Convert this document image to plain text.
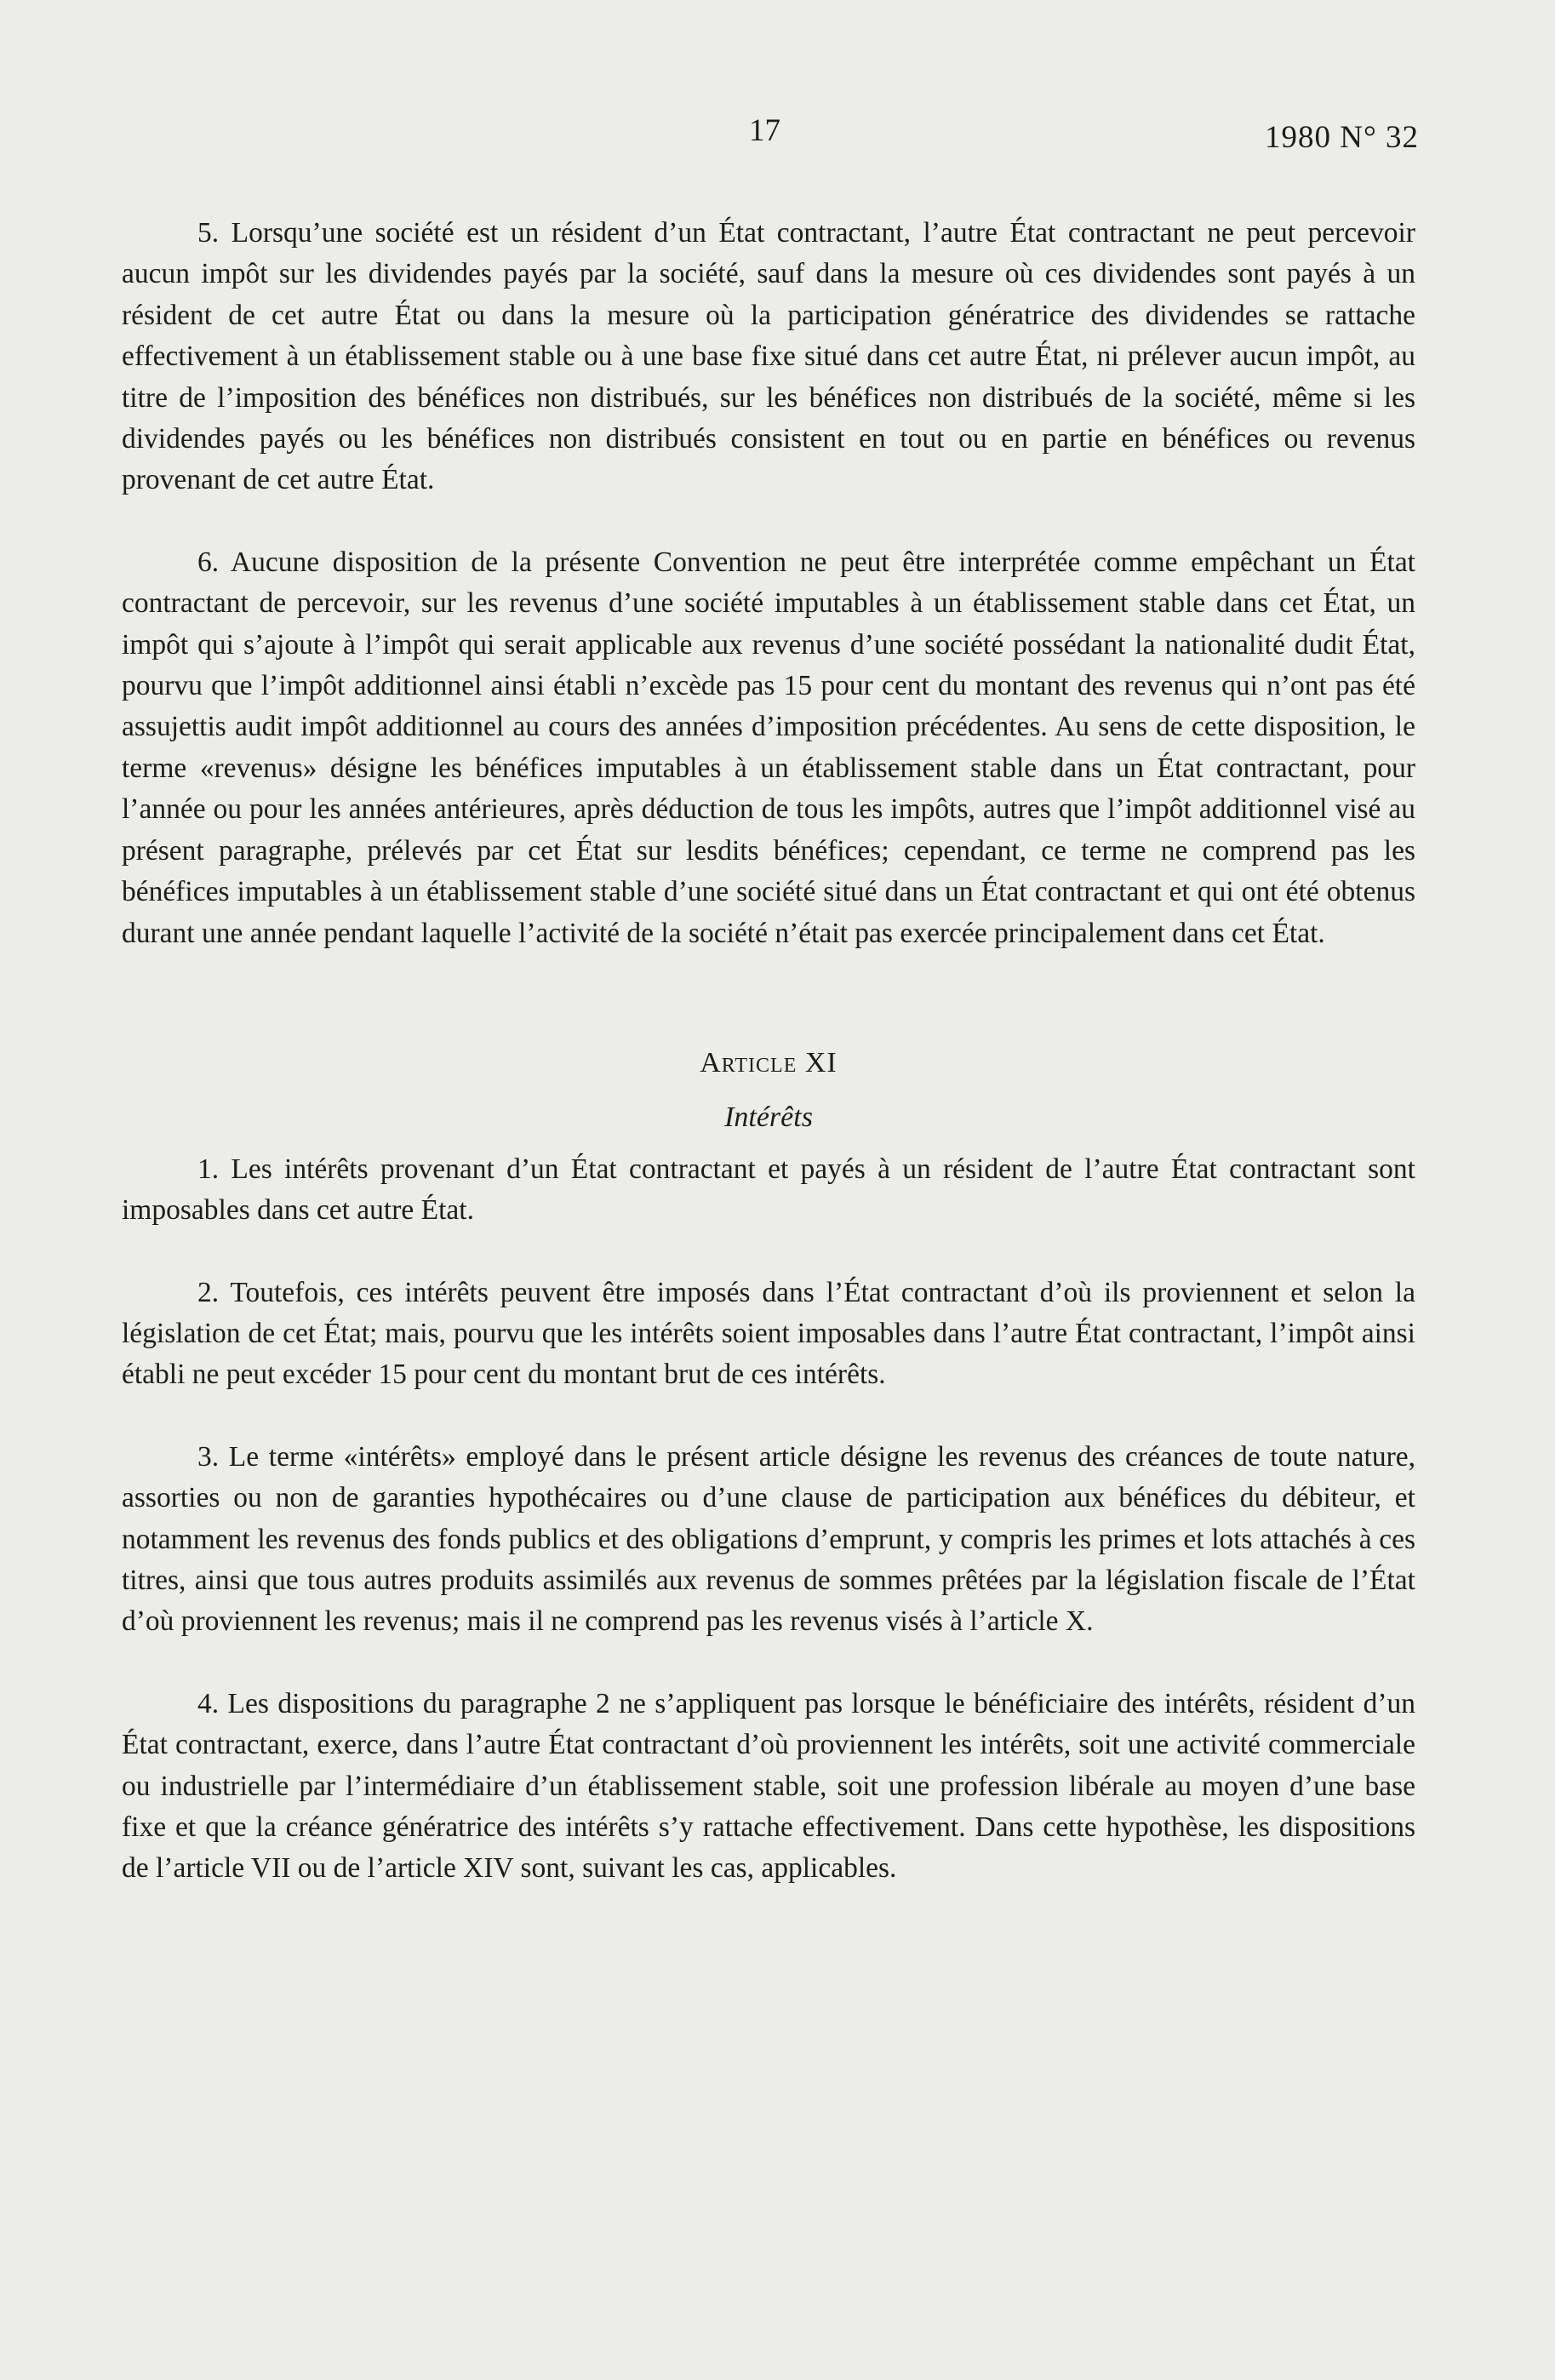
17	1980 N° 32

5. Lorsqu’une société est un résident d’un État contractant, l’autre État contractant ne peut percevoir aucun impôt sur les dividendes payés par la société, sauf dans la mesure où ces dividendes sont payés à un résident de cet autre État ou dans la mesure où la participation génératrice des dividendes se rattache effectivement à un établissement stable ou à une base fixe situé dans cet autre État, ni prélever aucun impôt, au titre de l’imposition des bénéfices non distribués, sur les bénéfices non distribués de la société, même si les dividendes payés ou les bénéfices non distribués consistent en tout ou en partie en bénéfices ou revenus provenant de cet autre État.

6. Aucune disposition de la présente Convention ne peut être interprétée comme empêchant un État contractant de percevoir, sur les revenus d’une société imputables à un établissement stable dans cet État, un impôt qui s’ajoute à l’impôt qui serait applicable aux revenus d’une société possédant la nationalité dudit État, pourvu que l’impôt additionnel ainsi établi n’excède pas 15 pour cent du montant des revenus qui n’ont pas été assujettis audit impôt additionnel au cours des années d’imposition précédentes. Au sens de cette disposition, le terme «revenus» désigne les bénéfices imputables à un établissement stable dans un État contractant, pour l’année ou pour les années antérieures, après déduction de tous les impôts, autres que l’impôt additionnel visé au présent paragraphe, prélevés par cet État sur lesdits bénéfices; cependant, ce terme ne comprend pas les bénéfices imputables à un établissement stable d’une société situé dans un État contractant et qui ont été obtenus durant une année pendant laquelle l’activité de la société n’était pas exercée principalement dans cet État.

Article XI

Intérêts

1. Les intérêts provenant d’un État contractant et payés à un résident de l’autre État contractant sont imposables dans cet autre État.

2. Toutefois, ces intérêts peuvent être imposés dans l’État contractant d’où ils proviennent et selon la législation de cet État; mais, pourvu que les intérêts soient imposables dans l’autre État contractant, l’impôt ainsi établi ne peut excéder 15 pour cent du montant brut de ces intérêts.

3. Le terme «intérêts» employé dans le présent article désigne les revenus des créances de toute nature, assorties ou non de garanties hypothécaires ou d’une clause de participation aux bénéfices du débiteur, et notamment les revenus des fonds publics et des obligations d’emprunt, y compris les primes et lots attachés à ces titres, ainsi que tous autres produits assimilés aux revenus de sommes prêtées par la législation fiscale de l’État d’où proviennent les revenus; mais il ne comprend pas les revenus visés à l’article X.

4. Les dispositions du paragraphe 2 ne s’appliquent pas lorsque le bénéficiaire des intérêts, résident d’un État contractant, exerce, dans l’autre État contractant d’où proviennent les intérêts, soit une activité commerciale ou industrielle par l’intermédiaire d’un établissement stable, soit une profession libérale au moyen d’une base fixe et que la créance génératrice des intérêts s’y rattache effectivement. Dans cette hypothèse, les dispositions de l’article VII ou de l’article XIV sont, suivant les cas, applicables.
